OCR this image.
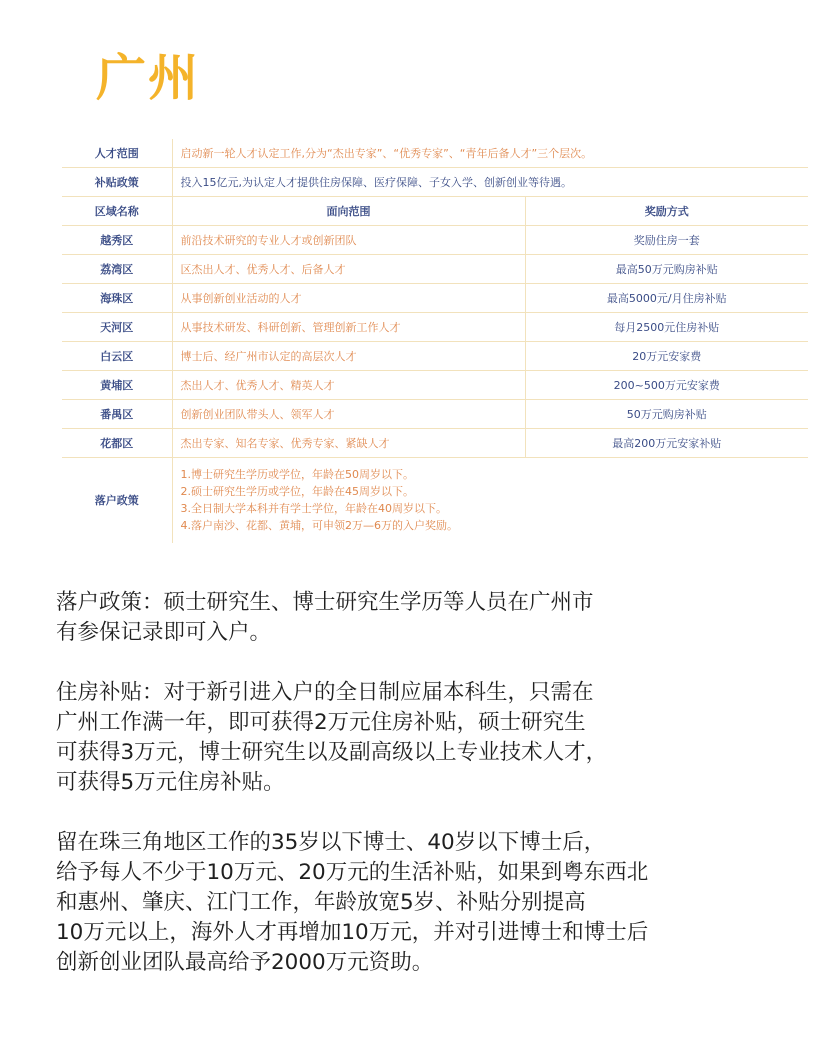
广州
人才范围	启动新一轮人才认定工作,分为“杰出专家”、“优秀专家”、“青年后备人才”三个层次。	
补贴政策	投入15亿元,为认定人才提供住房保障、医疗保障、子女入学、创新创业等待遇。	
区域名称	面向范围	奖励方式
越秀区	前沿技术研究的专业人才或创新团队	奖励住房一套
荔湾区	区杰出人才、优秀人才、后备人才	最高50万元购房补贴
海珠区	从事创新创业活动的人才	最高5000元/月住房补贴
天河区	从事技术研发、科研创新、管理创新工作人才	每月2500元住房补贴
白云区	博士后、经广州市认定的高层次人才	20万元安家费
黄埔区	杰出人才、优秀人才、精英人才	200~500万元安家费
番禺区	创新创业团队带头人、领军人才	50万元购房补贴
花都区	杰出专家、知名专家、优秀专家、紧缺人才	最高200万元安家补贴
落户政策	1.博士研究生学历或学位，年龄在50周岁以下。
2.硕士研究生学历或学位，年龄在45周岁以下。
3.全日制大学本科并有学士学位，年龄在40周岁以下。
4.落户南沙、花都、黄埔，可申领2万—6万的入户奖励。	

落户政策：硕士研究生、博士研究生学历等人员在广州市
有参保记录即可入户。

住房补贴：对于新引进入户的全日制应届本科生，只需在
广州工作满一年，即可获得2万元住房补贴，硕士研究生
可获得3万元，博士研究生以及副高级以上专业技术人才，
可获得5万元住房补贴。

留在珠三角地区工作的35岁以下博士、40岁以下博士后，
给予每人不少于10万元、20万元的生活补贴，如果到粤东西北
和惠州、肇庆、江门工作，年龄放宽5岁、补贴分别提高
10万元以上，海外人才再增加10万元，并对引进博士和博士后
创新创业团队最高给予2000万元资助。
